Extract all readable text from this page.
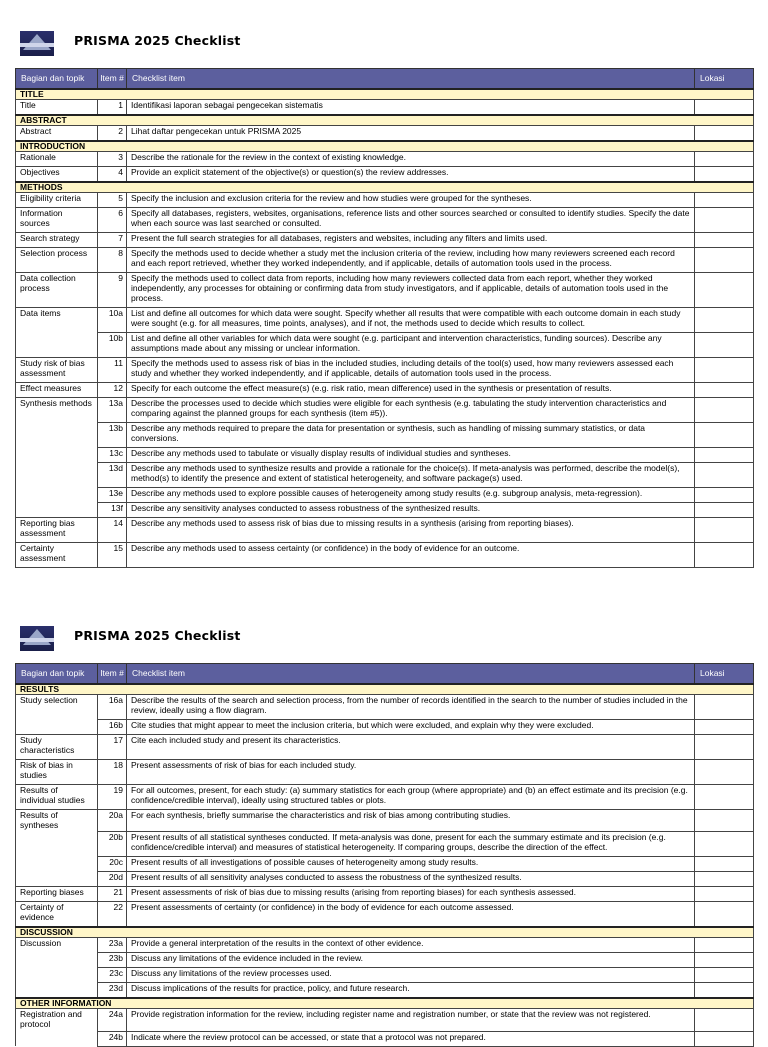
PRISMA 2025 Checklist
Bagian dan topik	Item #	Checklist item	Lokasi
TITLE			
Title	1	Identifikasi laporan sebagai pengecekan sistematis	
ABSTRACT			
Abstract	2	Lihat daftar pengecekan untuk PRISMA 2025	
INTRODUCTION			
Rationale	3	Describe the rationale for the review in the context of existing knowledge.	
Objectives	4	Provide an explicit statement of the objective(s) or question(s) the review addresses.	
METHODS			
Eligibility criteria	5	Specify the inclusion and exclusion criteria for the review and how studies were grouped for the syntheses.	
Information sources	6	Specify all databases, registers, websites, organisations, reference lists and other sources searched or consulted to identify studies. Specify the date when each source was last searched or consulted.	
Search strategy	7	Present the full search strategies for all databases, registers and websites, including any filters and limits used.	
Selection process	8	Specify the methods used to decide whether a study met the inclusion criteria of the review, including how many reviewers screened each record and each report retrieved, whether they worked independently, and if applicable, details of automation tools used in the process.	
Data collection process	9	Specify the methods used to collect data from reports, including how many reviewers collected data from each report, whether they worked independently, any processes for obtaining or confirming data from study investigators, and if applicable, details of automation tools used in the process.	
Data items	10a	List and define all outcomes for which data were sought. Specify whether all results that were compatible with each outcome domain in each study were sought (e.g. for all measures, time points, analyses), and if not, the methods used to decide which results to collect.	
	10b	List and define all other variables for which data were sought (e.g. participant and intervention characteristics, funding sources). Describe any assumptions made about any missing or unclear information.	
Study risk of bias assessment	11	Specify the methods used to assess risk of bias in the included studies, including details of the tool(s) used, how many reviewers assessed each study and whether they worked independently, and if applicable, details of automation tools used in the process.	
Effect measures	12	Specify for each outcome the effect measure(s) (e.g. risk ratio, mean difference) used in the synthesis or presentation of results.	
Synthesis methods	13a	Describe the processes used to decide which studies were eligible for each synthesis (e.g. tabulating the study intervention characteristics and comparing against the planned groups for each synthesis (item #5)).	
	13b	Describe any methods required to prepare the data for presentation or synthesis, such as handling of missing summary statistics, or data conversions.	
	13c	Describe any methods used to tabulate or visually display results of individual studies and syntheses.	
	13d	Describe any methods used to synthesize results and provide a rationale for the choice(s). If meta-analysis was performed, describe the model(s), method(s) to identify the presence and extent of statistical heterogeneity, and software package(s) used.	
	13e	Describe any methods used to explore possible causes of heterogeneity among study results (e.g. subgroup analysis, meta-regression).	
	13f	Describe any sensitivity analyses conducted to assess robustness of the synthesized results.	
Reporting bias assessment	14	Describe any methods used to assess risk of bias due to missing results in a synthesis (arising from reporting biases).	
Certainty assessment	15	Describe any methods used to assess certainty (or confidence) in the body of evidence for an outcome.	
PRISMA 2025 Checklist
Bagian dan topik	Item #	Checklist item	Lokasi
RESULTS			
Study selection	16a	Describe the results of the search and selection process, from the number of records identified in the search to the number of studies included in the review, ideally using a flow diagram.	
	16b	Cite studies that might appear to meet the inclusion criteria, but which were excluded, and explain why they were excluded.	
Study characteristics	17	Cite each included study and present its characteristics.	
Risk of bias in studies	18	Present assessments of risk of bias for each included study.	
Results of individual studies	19	For all outcomes, present, for each study: (a) summary statistics for each group (where appropriate) and (b) an effect estimate and its precision (e.g. confidence/credible interval), ideally using structured tables or plots.	
Results of syntheses	20a	For each synthesis, briefly summarise the characteristics and risk of bias among contributing studies.	
	20b	Present results of all statistical syntheses conducted. If meta-analysis was done, present for each the summary estimate and its precision (e.g. confidence/credible interval) and measures of statistical heterogeneity. If comparing groups, describe the direction of the effect.	
	20c	Present results of all investigations of possible causes of heterogeneity among study results.	
	20d	Present results of all sensitivity analyses conducted to assess the robustness of the synthesized results.	
Reporting biases	21	Present assessments of risk of bias due to missing results (arising from reporting biases) for each synthesis assessed.	
Certainty of evidence	22	Present assessments of certainty (or confidence) in the body of evidence for each outcome assessed.	
DISCUSSION			
Discussion	23a	Provide a general interpretation of the results in the context of other evidence.	
	23b	Discuss any limitations of the evidence included in the review.	
	23c	Discuss any limitations of the review processes used.	
	23d	Discuss implications of the results for practice, policy, and future research.	
OTHER INFORMATION			
Registration and protocol	24a	Provide registration information for the review, including register name and registration number, or state that the review was not registered.	
	24b	Indicate where the review protocol can be accessed, or state that a protocol was not prepared.	
